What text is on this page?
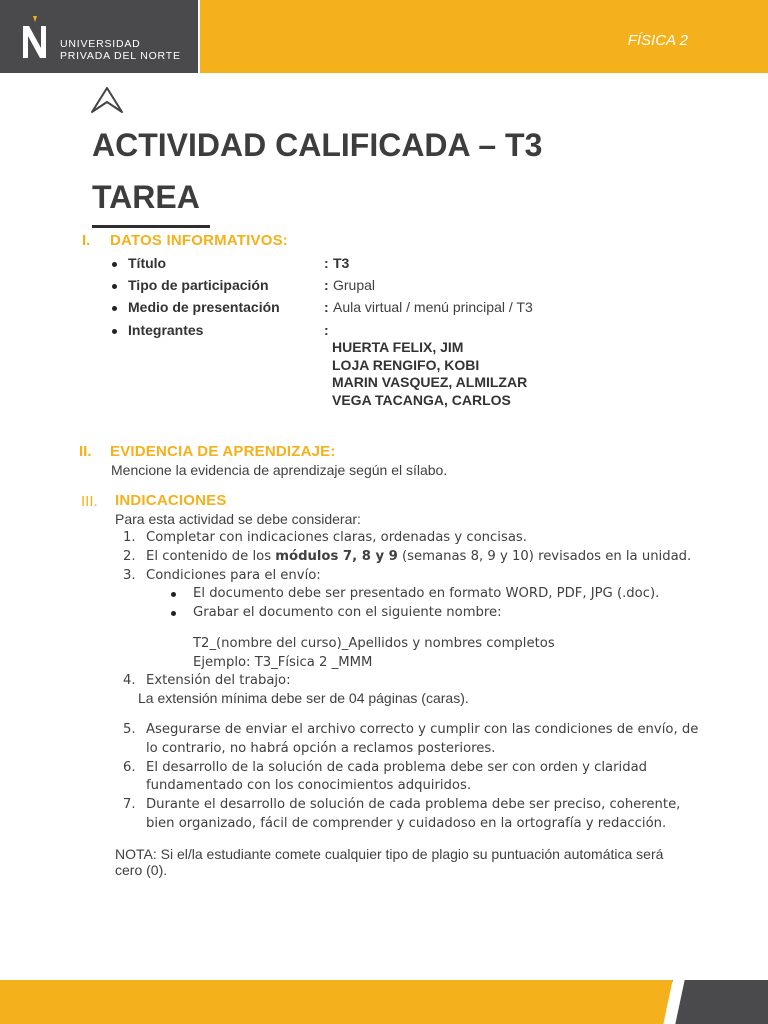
UNIVERSIDAD
PRIVADA DEL NORTE
FÍSICA 2
ACTIVIDAD CALIFICADA – T3
TAREA
I. DATOS INFORMATIVOS:
Título	: T3
Tipo de participación	: Grupal
Medio de presentación	: Aula virtual / menú principal / T3
Integrantes	:
HUERTA FELIX, JIM
LOJA RENGIFO, KOBI
MARIN VASQUEZ, ALMILZAR
VEGA TACANGA, CARLOS
II. EVIDENCIA DE APRENDIZAJE:
Mencione la evidencia de aprendizaje según el sílabo.
III. INDICACIONES
Para esta actividad se debe considerar:
1. Completar con indicaciones claras, ordenadas y concisas.
2. El contenido de los módulos 7, 8 y 9 (semanas 8, 9 y 10) revisados en la unidad.
3. Condiciones para el envío:
El documento debe ser presentado en formato WORD, PDF, JPG (.doc).
Grabar el documento con el siguiente nombre:
T2_(nombre del curso)_Apellidos y nombres completos
Ejemplo: T3_Física 2 _MMM
4. Extensión del trabajo:
La extensión mínima debe ser de 04 páginas (caras).
5. Asegurarse de enviar el archivo correcto y cumplir con las condiciones de envío, de
lo contrario, no habrá opción a reclamos posteriores.
6. El desarrollo de la solución de cada problema debe ser con orden y claridad
fundamentado con los conocimientos adquiridos.
7. Durante el desarrollo de solución de cada problema debe ser preciso, coherente,
bien organizado, fácil de comprender y cuidadoso en la ortografía y redacción.
NOTA: Si el/la estudiante comete cualquier tipo de plagio su puntuación automática será
cero (0).
